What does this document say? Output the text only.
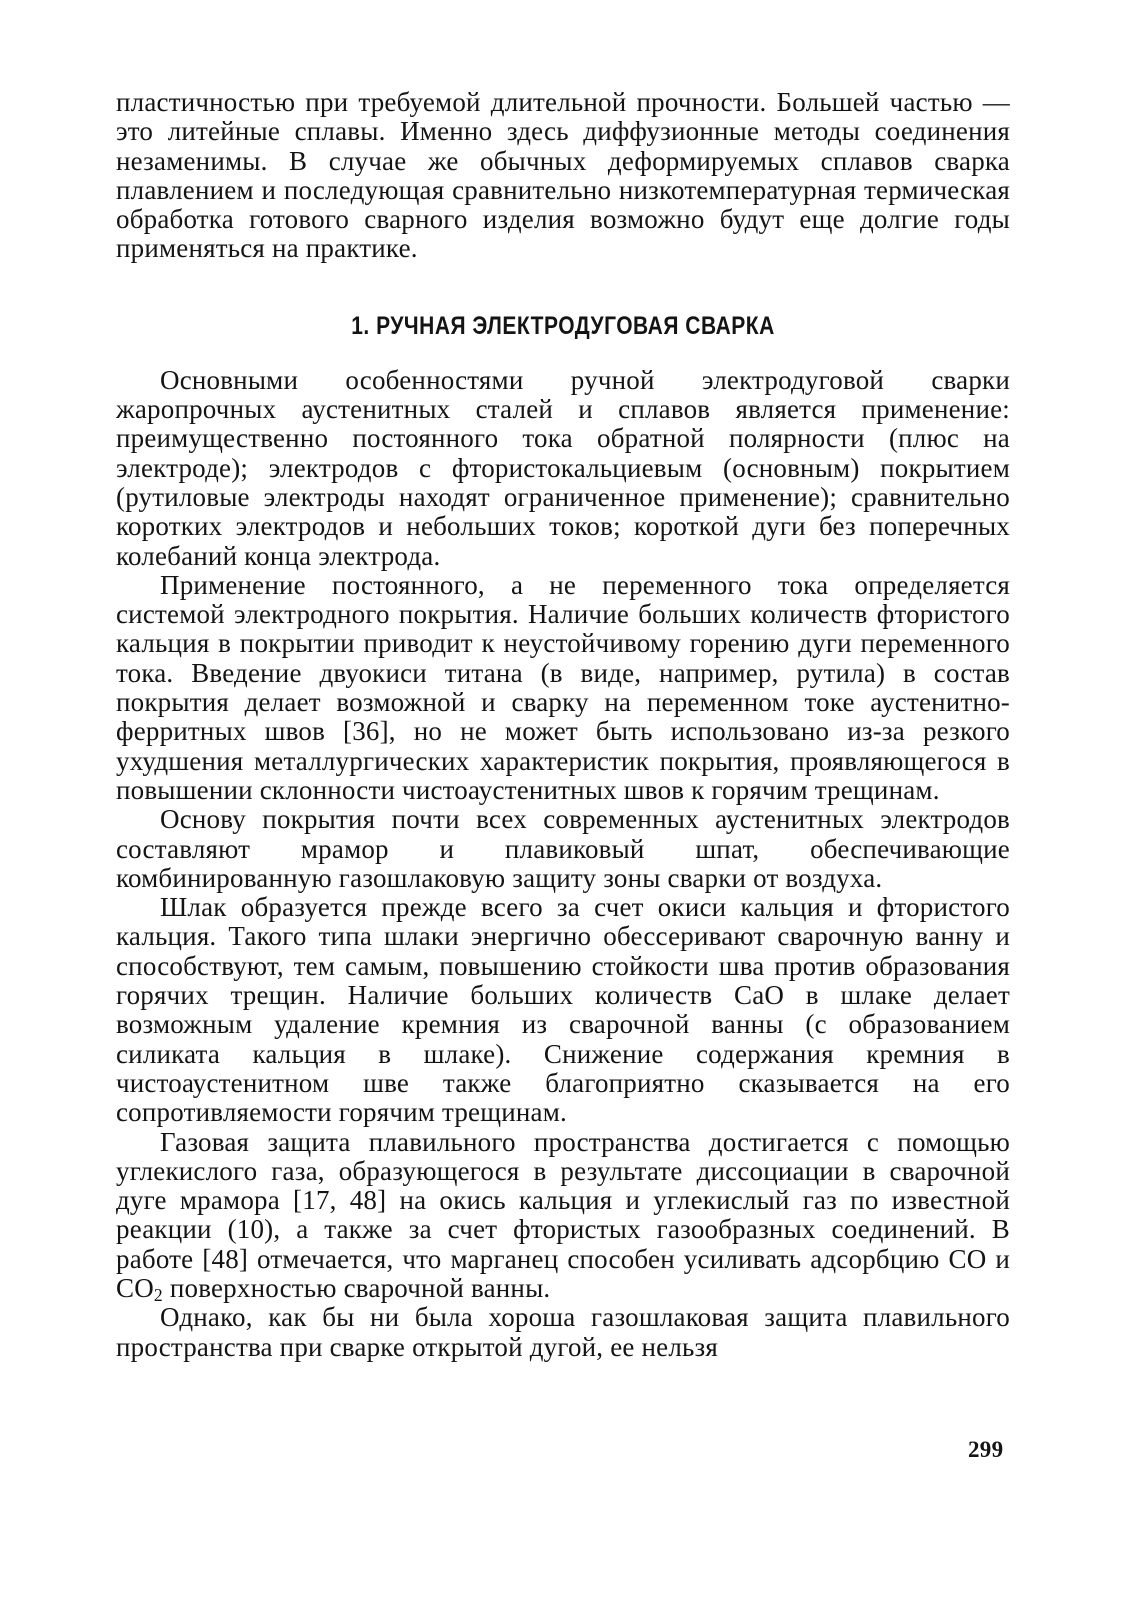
пластичностью при требуемой длительной прочности. Большей частью — это литейные сплавы. Именно здесь диффузионные методы соединения незаменимы. В случае же обычных деформируемых сплавов сварка плавлением и последующая сравнительно низкотемпературная термическая обработка готового сварного изделия возможно будут еще долгие годы применяться на практике.

1. РУЧНАЯ ЭЛЕКТРОДУГОВАЯ СВАРКА

Основными особенностями ручной электродуговой сварки жаропрочных аустенитных сталей и сплавов является применение: преимущественно постоянного тока обратной полярности (плюс на электроде); электродов с фтористокальциевым (основным) покрытием (рутиловые электроды находят ограниченное применение); сравнительно коротких электродов и небольших токов; короткой дуги без поперечных колебаний конца электрода.

Применение постоянного, а не переменного тока определяется системой электродного покрытия. Наличие больших количеств фтористого кальция в покрытии приводит к неустойчивому горению дуги переменного тока. Введение двуокиси титана (в виде, например, рутила) в состав покрытия делает возможной и сварку на переменном токе аустенитно-ферритных швов [36], но не может быть использовано из-за резкого ухудшения металлургических характеристик покрытия, проявляющегося в повышении склонности чистоаустенитных швов к горячим трещинам.

Основу покрытия почти всех современных аустенитных электродов составляют мрамор и плавиковый шпат, обеспечивающие комбинированную газошлаковую защиту зоны сварки от воздуха.

Шлак образуется прежде всего за счет окиси кальция и фтористого кальция. Такого типа шлаки энергично обессеривают сварочную ванну и способствуют, тем самым, повышению стойкости шва против образования горячих трещин. Наличие больших количеств CaO в шлаке делает возможным удаление кремния из сварочной ванны (с образованием силиката кальция в шлаке). Снижение содержания кремния в чистоаустенитном шве также благоприятно сказывается на его сопротивляемости горячим трещинам.

Газовая защита плавильного пространства достигается с помощью углекислого газа, образующегося в результате диссоциации в сварочной дуге мрамора [17, 48] на окись кальция и углекислый газ по известной реакции (10), а также за счет фтористых газообразных соединений. В работе [48] отмечается, что марганец способен усиливать адсорбцию CO и $CO_2$ поверхностью сварочной ванны.

Однако, как бы ни была хороша газошлаковая защита плавильного пространства при сварке открытой дугой, ее нельзя

299
